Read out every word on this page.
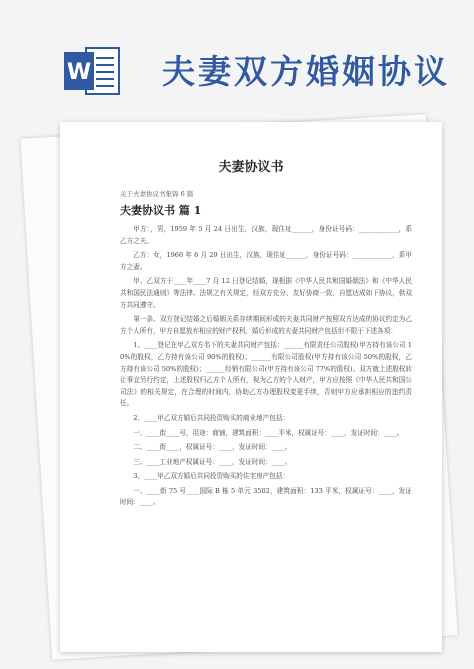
W 夫妻双方婚姻协议
夫妻协议书
关于夫妻协议书集锦 6 篇
夫妻协议书 篇 1

甲方：，男，1959 年 5 月 24 日出生，汉族，现住址______，身份证号码：____________，系乙方之夫。

乙方：女，1966 年 6 月 29 日出生，汉族，现住址______，身份证号码：____________，系甲方之妻。

甲、乙双方于____年____7 月 12 日登记结婚，现根据《中华人民共和国婚姻法》和《中华人民共和国民法通则》等法律、法规之有关规定，经双方充分、友好协商一致，自愿达成如下协议，供双方共同遵守。

第一条、双方登记结婚之后婚姻关系存续期间形成的夫妻共同财产按照双方达成的协议约定为乙方个人所有，甲方自愿放弃相应的财产权利，婚后形成的夫妻共同财产包括但不限于下述各项：

1、____登记在甲乙双方名下的夫妻共同财产包括：______有限责任公司股权(甲方持有该公司 10%的股权，乙方持有该公司 90%的股权)；______有限公司股权(甲方持有该公司 50%的股权，乙方持有该公司 50%的股权)；______经销有限公司(甲方持有该公司 77%的股权)。双方就上述股权转让事宜另行约定，上述股权归乙方个人所有，视为乙方的个人财产，甲方应按照《中华人民共和国公司法》的相关规定，在合理的时间内，协助乙方办理股权变更手续，否则甲方应承担相应的违约责任。

2、____甲乙双方婚后共同投资购买的商业地产包括：

一、____街____号，用途：商铺，建筑面积：____平米，权属证号：____，发证时间：____。

二、____街____，权属证号：____，发证时间：____。

三、____工业地产权属证号：____，发证时间：____。

3、____甲乙双方婚后共同投资购买的住宅房产包括：

一、____街 75 号____国际 B 栋 5 单元 3502，建筑面积：133 平米，权属证号：____，发证时间：____。
